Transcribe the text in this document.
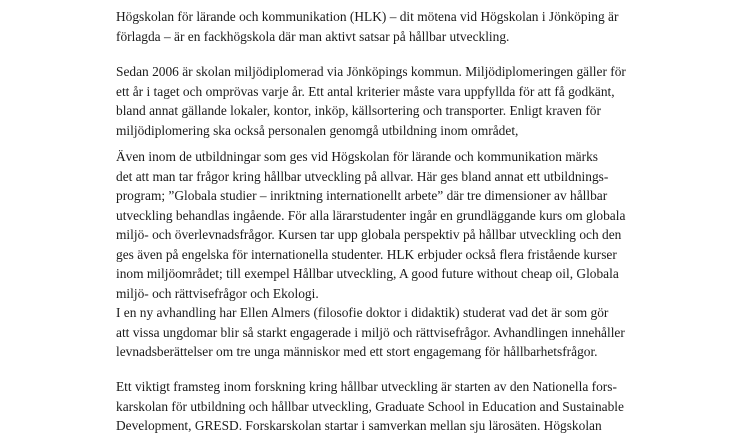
Högskolan för lärande och kommunikation (HLK) – dit mötena vid Högskolan i Jönköping är
förlagda – är en fackhögskola där man aktivt satsar på hållbar utveckling.
Sedan 2006 är skolan miljödiplomerad via Jönköpings kommun. Miljödiplomeringen gäller för
ett år i taget och omprövas varje år. Ett antal kriterier måste vara uppfyllda för att få godkänt,
bland annat gällande lokaler, kontor, inköp, källsortering och transporter. Enligt kraven för
miljödiplomering ska också personalen genomgå utbildning inom området,
Även inom de utbildningar som ges vid Högskolan för lärande och kommunikation märks
det att man tar frågor kring hållbar utveckling på allvar. Här ges bland annat ett utbildnings-
program; ”Globala studier – inriktning internationellt arbete” där tre dimensioner av hållbar
utveckling behandlas ingående. För alla lärarstudenter ingår en grundläggande kurs om globala
miljö- och överlevnadsfrågor. Kursen tar upp globala perspektiv på hållbar utveckling och den
ges även på engelska för internationella studenter. HLK erbjuder också flera fristående kurser
inom miljöområdet; till exempel Hållbar utveckling, A good future without cheap oil, Globala
miljö- och rättvisefrågor och Ekologi.
I en ny avhandling har Ellen Almers (filosofie doktor i didaktik) studerat vad det är som gör
att vissa ungdomar blir så starkt engagerade i miljö och rättvisefrågor. Avhandlingen innehåller
levnadsberättelser om tre unga människor med ett stort engagemang för hållbarhetsfrågor.
Ett viktigt framsteg inom forskning kring hållbar utveckling är starten av den Nationella fors-
karskolan för utbildning och hållbar utveckling, Graduate School in Education and Sustainable
Development, GRESD. Forskarskolan startar i samverkan mellan sju lärosäten. Högskolan
